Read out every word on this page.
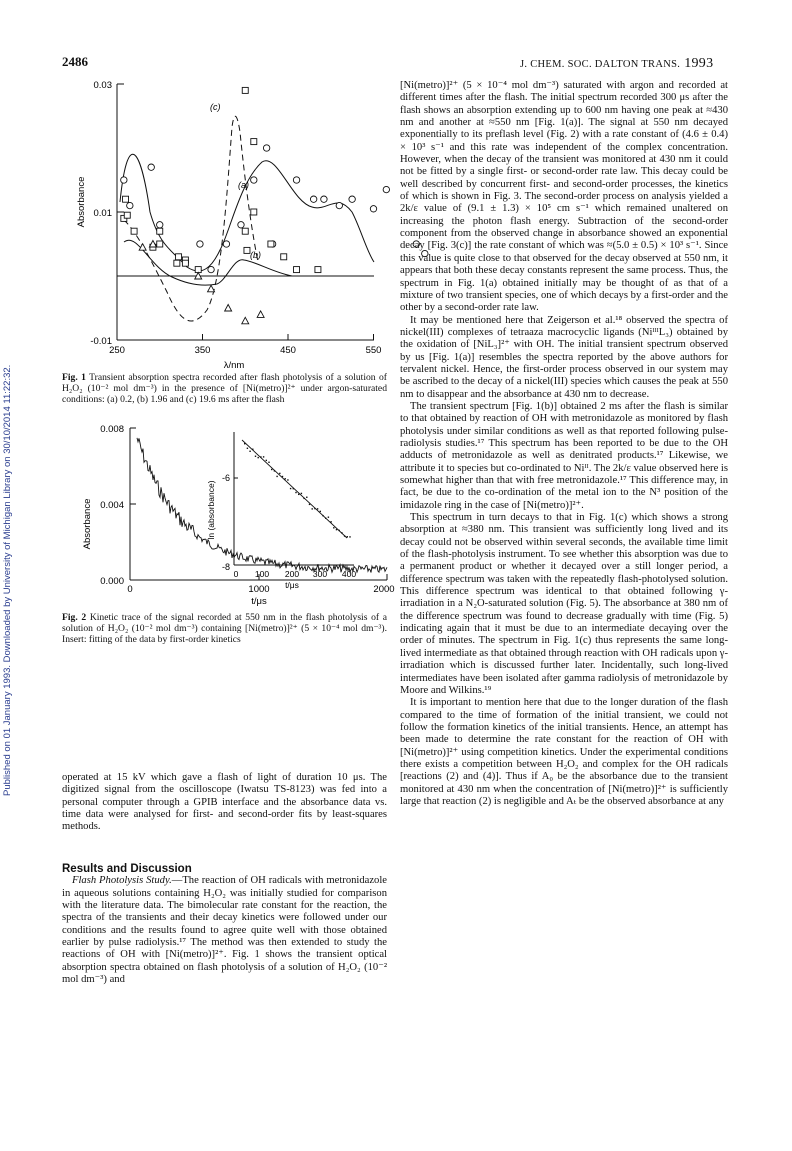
Published on 01 January 1993. Downloaded by University of Michigan Library on 30/10/2014 11:22:32.
2486	J. CHEM. SOC. DALTON TRANS. 1993
0.03
0.01
-0.01
Absorbance
250	350	450	550
λ/nm
(c)
(a)
(b)
Fig. 1 Transient absorption spectra recorded after flash photolysis of a solution of H₂O₂ (10⁻² mol dm⁻³) in the presence of [Ni(metro)]²⁺ under argon-saturated conditions: (a) 0.2, (b) 1.96 and (c) 19.6 ms after the flash
0.008
0.004
0.000
Absorbance
0	1000	2000
t/μs
-6
-8
ln (absorbance)
0 100 200 300 400
t/μs
Fig. 2 Kinetic trace of the signal recorded at 550 nm in the flash photolysis of a solution of H₂O₂ (10⁻² mol dm⁻³) containing [Ni(metro)]²⁺ (5 × 10⁻⁴ mol dm⁻³). Insert: fitting of the data by first-order kinetics

operated at 15 kV which gave a flash of light of duration 10 μs. The digitized signal from the oscilloscope (Iwatsu TS-8123) was fed into a personal computer through a GPIB interface and the absorbance data vs. time data were analysed for first- and second-order fits by least-squares methods.

Results and Discussion

Flash Photolysis Study.—The reaction of OH radicals with metronidazole in aqueous solutions containing H₂O₂ was initially studied for comparison with the literature data. The bimolecular rate constant for the reaction, the spectra of the transients and their decay kinetics were followed under our conditions and the results found to agree quite well with those obtained earlier by pulse radiolysis.¹⁷ The method was then extended to study the reactions of OH with [Ni(metro)]²⁺. Fig. 1 shows the transient optical absorption spectra obtained on flash photolysis of a solution of H₂O₂ (10⁻² mol dm⁻³) and

[Ni(metro)]²⁺ (5 × 10⁻⁴ mol dm⁻³) saturated with argon and recorded at different times after the flash. The initial spectrum recorded 300 μs after the flash shows an absorption extending up to 600 nm having one peak at ≈430 nm and another at ≈550 nm [Fig. 1(a)]. The signal at 550 nm decayed exponentially to its preflash level (Fig. 2) with a rate constant of (4.6 ± 0.4) × 10³ s⁻¹ and this rate was independent of the complex concentration. However, when the decay of the transient was monitored at 430 nm it could not be fitted by a single first- or second-order rate law. This decay could be well described by concurrent first- and second-order processes, the kinetics of which is shown in Fig. 3. The second-order process on analysis yielded a 2k/ε value of (9.1 ± 1.3) × 10⁵ cm s⁻¹ which remained unaltered on increasing the photon flash energy. Subtraction of the second-order component from the observed change in absorbance showed an exponential decay [Fig. 3(c)] the rate constant of which was ≈(5.0 ± 0.5) × 10³ s⁻¹. Since this value is quite close to that observed for the decay observed at 550 nm, it appears that both these decay constants represent the same process. Thus, the spectrum in Fig. 1(a) obtained initially may be thought of as that of a mixture of two transient species, one of which decays by a first-order and the other by a second-order rate law.

It may be mentioned here that Zeigerson et al.¹⁸ observed the spectra of nickel(III) complexes of tetraaza macrocyclic ligands (NiᴵᴵᴵL₃) obtained by the oxidation of [NiL₃]²⁺ with OH. The initial transient spectrum observed by us [Fig. 1(a)] resembles the spectra reported by the above authors for tervalent nickel. Hence, the first-order process observed in our system may be ascribed to the decay of a nickel(III) species which causes the peak at 550 nm to disappear and the absorbance at 430 nm to decrease.

The transient spectrum [Fig. 1(b)] obtained 2 ms after the flash is similar to that obtained by reaction of OH with metronidazole as monitored by flash photolysis under similar conditions as well as that reported following pulse-radiolysis studies.¹⁷ This spectrum has been reported to be due to the OH adducts of metronidazole as well as denitrated products.¹⁷ Likewise, we attribute it to species but co-ordinated to Niᴵᴵ. The 2k/ε value observed here is somewhat higher than that with free metronidazole.¹⁷ This difference may, in fact, be due to the co-ordination of the metal ion to the N³ position of the imidazole ring in the case of [Ni(metro)]²⁺.

This spectrum in turn decays to that in Fig. 1(c) which shows a strong absorption at ≈380 nm. This transient was sufficiently long lived and its decay could not be observed within several seconds, the available time limit of the flash-photolysis instrument. To see whether this absorption was due to a permanent product or whether it decayed over a still longer period, a difference spectrum was taken with the repeatedly flash-photolysed solution. This difference spectrum was identical to that obtained following γ-irradiation in a N₂O-saturated solution (Fig. 5). The absorbance at 380 nm of the difference spectrum was found to decrease gradually with time (Fig. 5) indicating again that it must be due to an intermediate decaying over the order of minutes. The spectrum in Fig. 1(c) thus represents the same long-lived intermediate as that obtained through reaction with OH radicals upon γ-irradiation which is discussed further later. Incidentally, such long-lived intermediates have been isolated after gamma radiolysis of metronidazole by Moore and Wilkins.¹⁹

It is important to mention here that due to the longer duration of the flash compared to the time of formation of the initial transient, we could not follow the formation kinetics of the initial transients. Hence, an attempt has been made to determine the rate constant for the reaction of OH with [Ni(metro)]²⁺ using competition kinetics. Under the experimental conditions there exists a competition between H₂O₂ and complex for the OH radicals [reactions (2) and (4)]. Thus if A₀ be the absorbance due to the transient monitored at 430 nm when the concentration of [Ni(metro)]²⁺ is sufficiently large that reaction (2) is negligible and Aₜ be the observed absorbance at any
